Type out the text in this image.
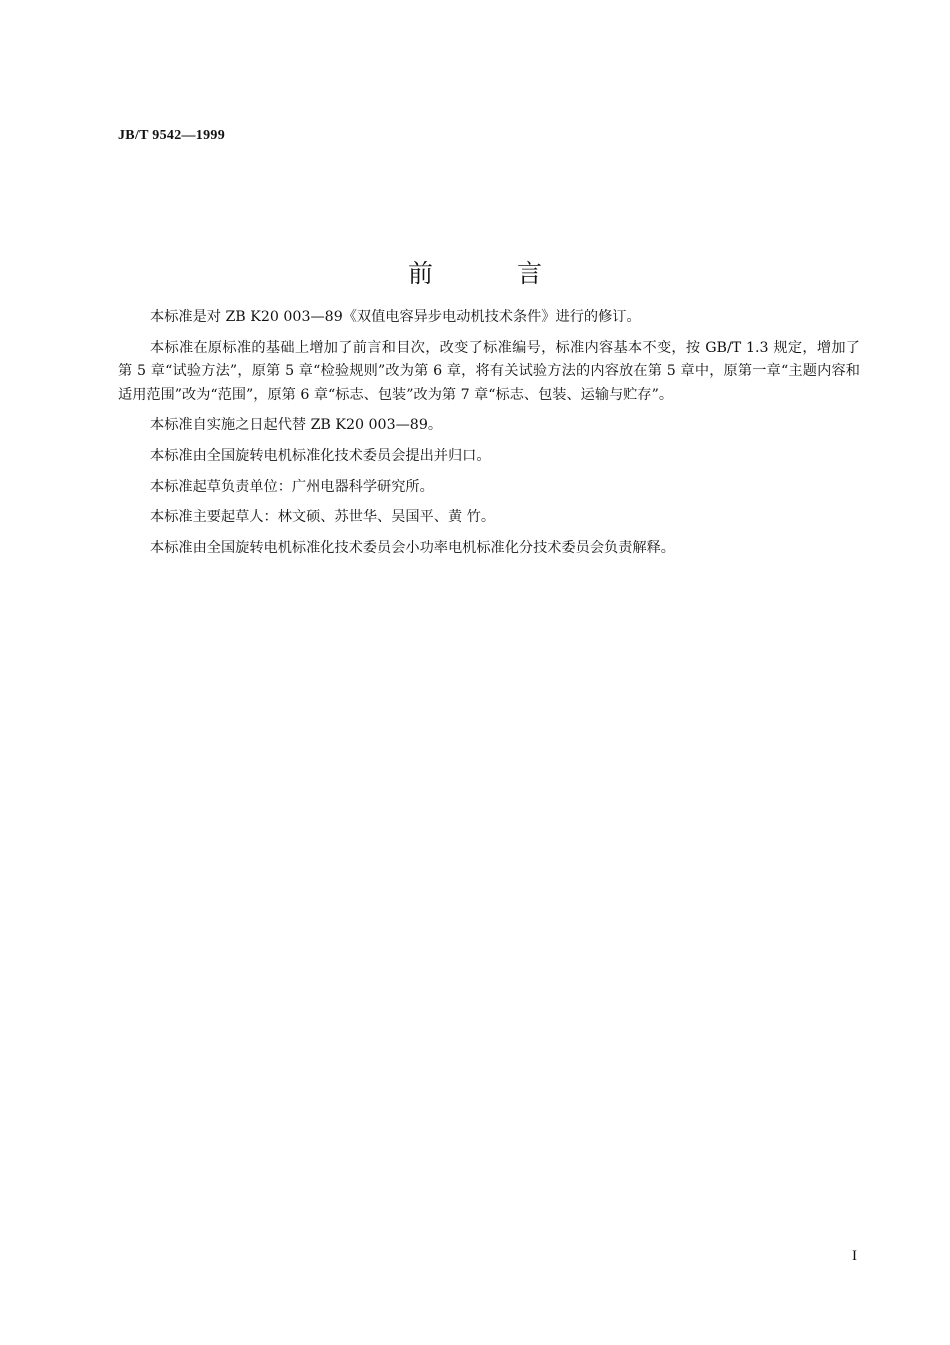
JB/T 9542—1999
前 言

本标准是对 ZB K20 003—89《双值电容异步电动机技术条件》进行的修订。

本标准在原标准的基础上增加了前言和目次，改变了标准编号，标准内容基本不变，按 GB/T 1.3 规定，增加了第 5 章“试验方法”，原第 5 章“检验规则”改为第 6 章，将有关试验方法的内容放在第 5 章中，原第一章“主题内容和适用范围”改为“范围”，原第 6 章“标志、包装”改为第 7 章“标志、包装、运输与贮存”。

本标准自实施之日起代替 ZB K20 003—89。

本标准由全国旋转电机标准化技术委员会提出并归口。

本标准起草负责单位：广州电器科学研究所。

本标准主要起草人：林文硕、苏世华、吴国平、黄 竹。

本标准由全国旋转电机标准化技术委员会小功率电机标准化分技术委员会负责解释。

I
